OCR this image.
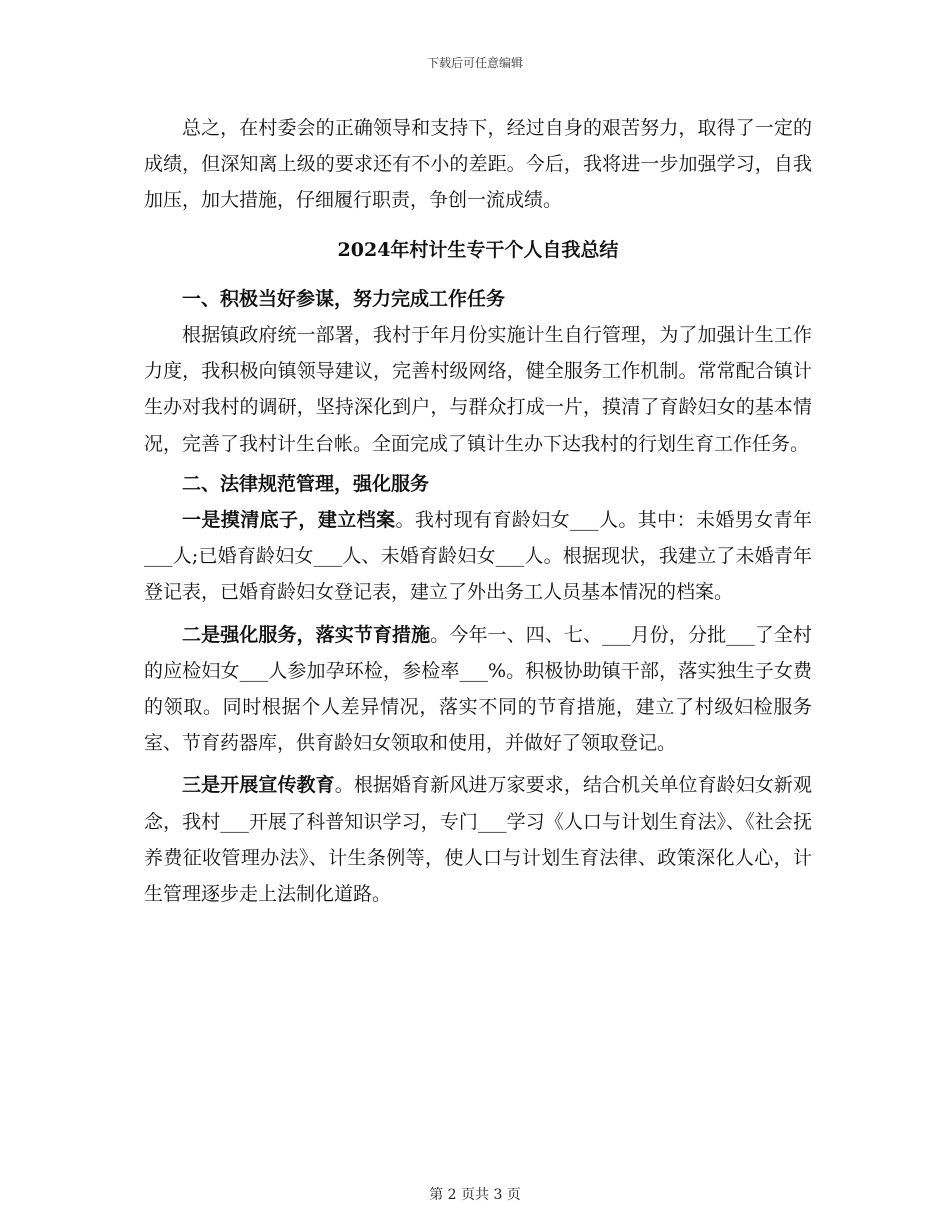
下载后可任意编辑

总之，在村委会的正确领导和支持下，经过自身的艰苦努力，取得了一定的成绩，但深知离上级的要求还有不小的差距。今后，我将进一步加强学习，自我加压，加大措施，仔细履行职责，争创一流成绩。

2024年村计生专干个人自我总结

一、积极当好参谋，努力完成工作任务

根据镇政府统一部署，我村于年月份实施计生自行管理，为了加强计生工作力度，我积极向镇领导建议，完善村级网络，健全服务工作机制。常常配合镇计生办对我村的调研，坚持深化到户，与群众打成一片，摸清了育龄妇女的基本情况，完善了我村计生台帐。全面完成了镇计生办下达我村的行划生育工作任务。

二、法律规范管理，强化服务

一是摸清底子，建立档案。我村现有育龄妇女___人。其中：未婚男女青年___人;已婚育龄妇女___人、未婚育龄妇女___人。根据现状，我建立了未婚青年登记表，已婚育龄妇女登记表，建立了外出务工人员基本情况的档案。

二是强化服务，落实节育措施。今年一、四、七、___月份，分批___了全村的应检妇女___人参加孕环检，参检率___%。积极协助镇干部，落实独生子女费的领取。同时根据个人差异情况，落实不同的节育措施，建立了村级妇检服务室、节育药器库，供育龄妇女领取和使用，并做好了领取登记。

三是开展宣传教育。根据婚育新风进万家要求，结合机关单位育龄妇女新观念，我村___开展了科普知识学习，专门___学习《人口与计划生育法》、《社会抚养费征收管理办法》、计生条例等，使人口与计划生育法律、政策深化人心，计生管理逐步走上法制化道路。

第 2 页共 3 页
